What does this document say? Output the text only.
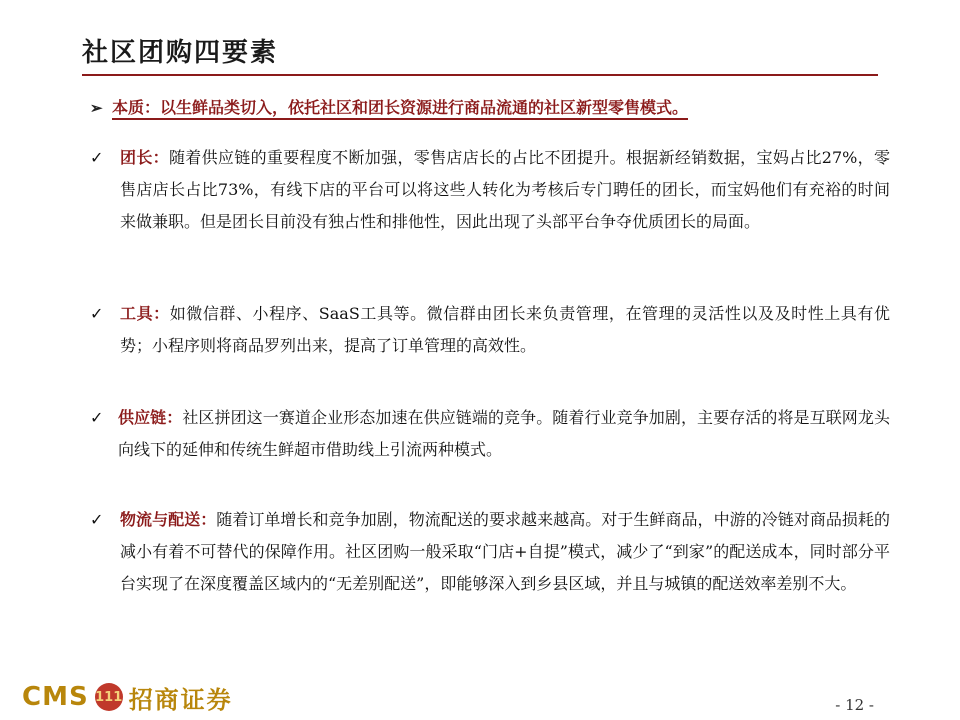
社区团购四要素
➢ 本质：以生鲜品类切入，依托社区和团长资源进行商品流通的社区新型零售模式。
✓	团长：随着供应链的重要程度不断加强，零售店店长的占比不团提升。根据新经销数据，宝妈占比27%，零售店店长占比73%，有线下店的平台可以将这些人转化为考核后专门聘任的团长，而宝妈他们有充裕的时间来做兼职。但是团长目前没有独占性和排他性，因此出现了头部平台争夺优质团长的局面。
✓	工具：如微信群、小程序、SaaS工具等。微信群由团长来负责管理，在管理的灵活性以及及时性上具有优势；小程序则将商品罗列出来，提高了订单管理的高效性。
✓ 供应链：社区拼团这一赛道企业形态加速在供应链端的竞争。随着行业竞争加剧，主要存活的将是互联网龙头向线下的延伸和传统生鲜超市借助线上引流两种模式。
✓	物流与配送：随着订单增长和竞争加剧，物流配送的要求越来越高。对于生鲜商品，中游的冷链对商品损耗的减小有着不可替代的保障作用。社区团购一般采取“门店+自提”模式，减少了“到家”的配送成本，同时部分平台实现了在深度覆盖区域内的“无差别配送”，即能够深入到乡县区域，并且与城镇的配送效率差别不大。
CMS 111 招商证券	- 12 -
